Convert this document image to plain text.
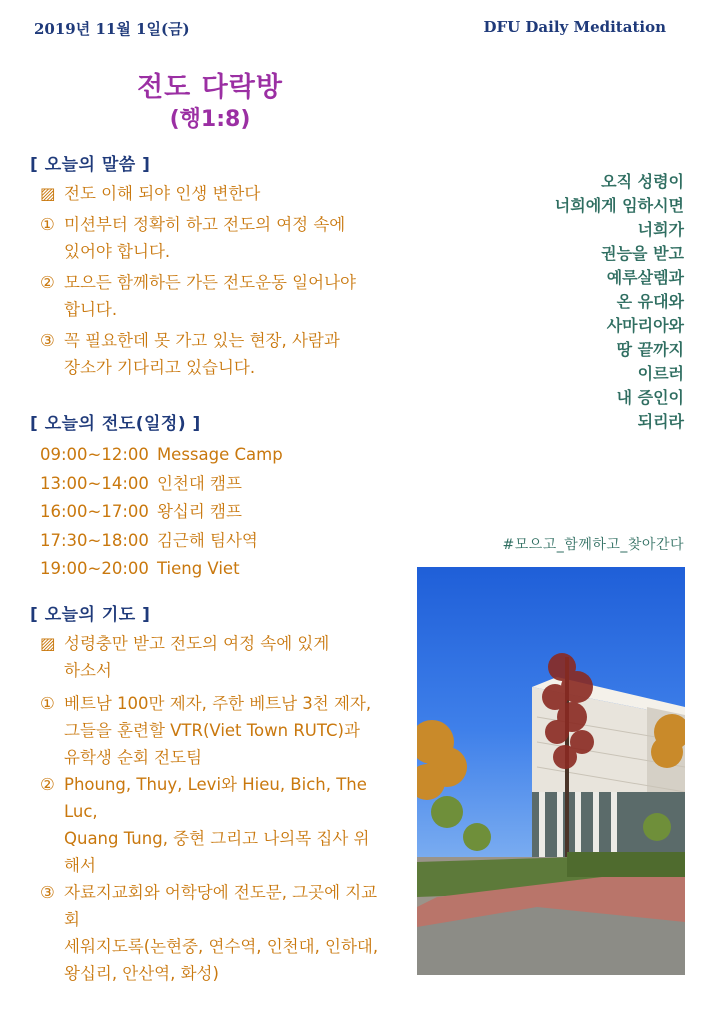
2019년 11월 1일(금)	DFU Daily Meditation
전도 다락방
(행1:8)
[ 오늘의 말씀 ]
▨ 전도 이해 되야 인생 변한다
① 미션부터 정확히 하고 전도의 여정 속에
있어야 합니다.
② 모으든 함께하든 가든 전도운동 일어나야
합니다.
③ 꼭 필요한데 못 가고 있는 현장, 사람과
장소가 기다리고 있습니다.
[ 오늘의 전도(일정) ]
09:00~12:00 Message Camp
13:00~14:00 인천대 캠프
16:00~17:00 왕십리 캠프
17:30~18:00 김근해 팀사역
19:00~20:00 Tieng Viet
[ 오늘의 기도 ]
▨ 성령충만 받고 전도의 여정 속에 있게
하소서
① 베트남 100만 제자, 주한 베트남 3천 제자,
그들을 훈련할 VTR(Viet Town RUTC)과
유학생 순회 전도팀
② Phoung, Thuy, Levi와 Hieu, Bich, The Luc,
Quang Tung, 중현 그리고 나의목 집사 위해서
③ 자료지교회와 어학당에 전도문, 그곳에 지교회
세워지도록(논현중, 연수역, 인천대, 인하대,
왕십리, 안산역, 화성)
오직 성령이
너희에게 임하시면
너희가
권능을 받고
예루살렘과
온 유대와
사마리아와
땅 끝까지
이르러
내 증인이
되리라
#모으고_함께하고_찾아간다
